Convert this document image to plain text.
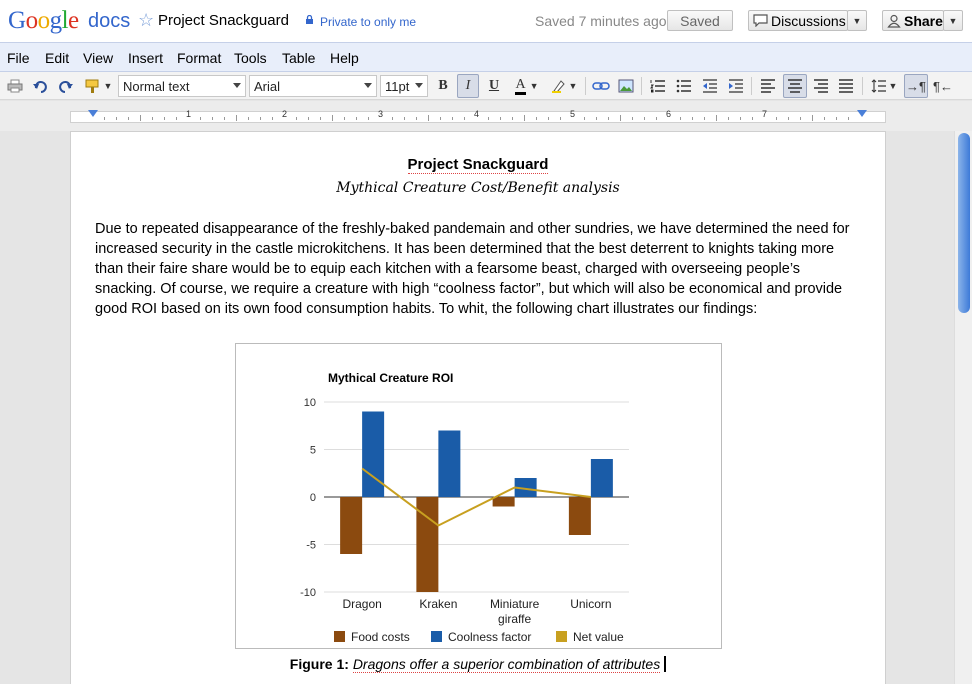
Google docs ☆ Project Snackguard	Private to only me	Saved 7 minutes ago Saved	Discussions ▼	Share ▼
File Edit View Insert Format Tools Table Help
▼ Normal text	Arial	11pt	B	I	U	A ▼	▼	▼ →¶ ¶←
1	2	3	4	5	6	7
Project Snackguard
Mythical Creature Cost/Benefit analysis
Due to repeated disappearance of the freshly-baked pandemain and other sundries, we have determined the need for increased security in the castle microkitchens. It has been determined that the best deterrent to knights taking more than their faire share would be to equip each kitchen with a fearsome beast, charged with overseeing people’s snacking. Of course, we require a creature with high “coolness factor”, but which will also be economical and provide good ROI based on its own food consumption habits. To whit, the following chart illustrates our findings:
Mythical Creature ROI
10
5
0
-5
-10
Dragon	Kraken	Miniature
giraffe
Unicorn
Food costs	Coolness factor	Net value
Figure 1: Dragons offer a superior combination of attributes
